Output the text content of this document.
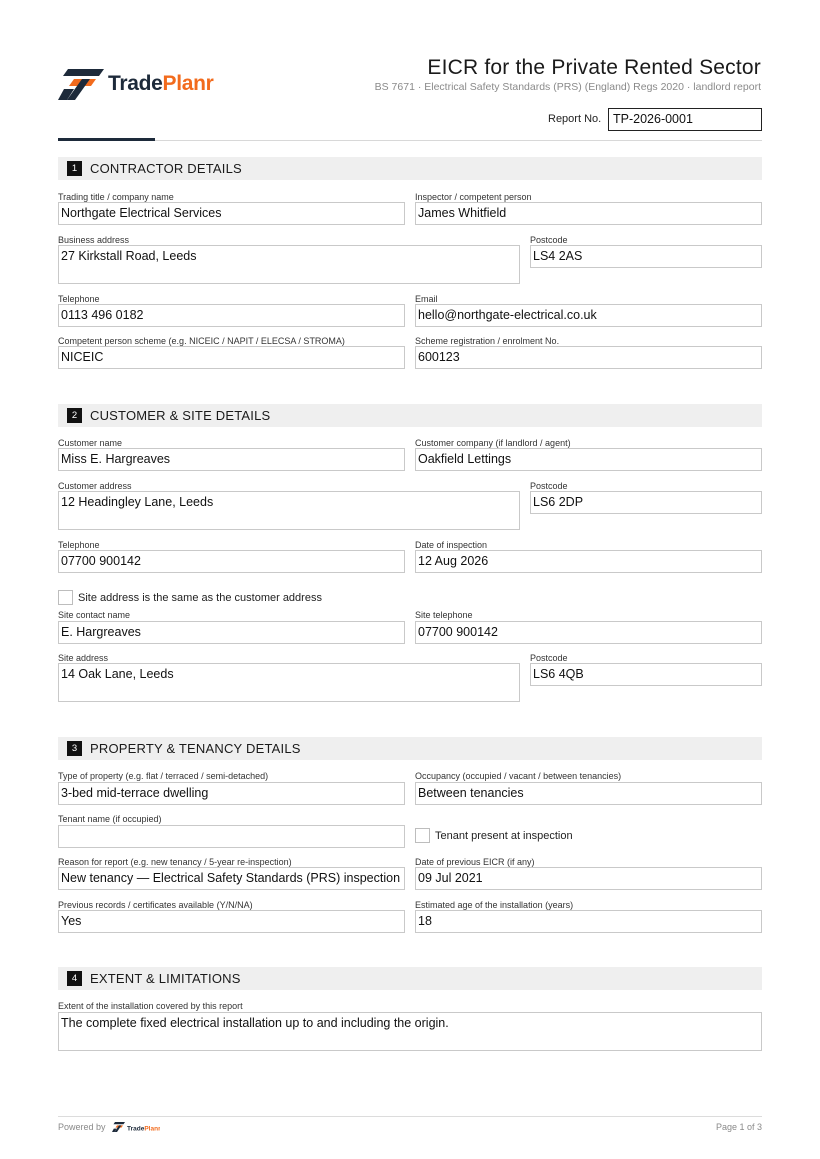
TradePlanr
EICR for the Private Rented Sector
BS 7671 · Electrical Safety Standards (PRS) (England) Regs 2020 · landlord report
Report No. TP-2026-0001
1 CONTRACTOR DETAILS
Trading title / company name
Northgate Electrical Services
Inspector / competent person
James Whitfield
Business address
27 Kirkstall Road, Leeds
Postcode
LS4 2AS
Telephone
0113 496 0182
Email
hello@northgate-electrical.co.uk
Competent person scheme (e.g. NICEIC / NAPIT / ELECSA / STROMA)
NICEIC
Scheme registration / enrolment No.
600123
2 CUSTOMER & SITE DETAILS
Customer name
Miss E. Hargreaves
Customer company (if landlord / agent)
Oakfield Lettings
Customer address
12 Headingley Lane, Leeds
Postcode
LS6 2DP
Telephone
07700 900142
Date of inspection
12 Aug 2026
Site address is the same as the customer address
Site contact name
E. Hargreaves
Site telephone
07700 900142
Site address
14 Oak Lane, Leeds
Postcode
LS6 4QB
3 PROPERTY & TENANCY DETAILS
Type of property (e.g. flat / terraced / semi-detached)
3-bed mid-terrace dwelling
Occupancy (occupied / vacant / between tenancies)
Between tenancies
Tenant name (if occupied)
Tenant present at inspection
Reason for report (e.g. new tenancy / 5-year re-inspection)
New tenancy — Electrical Safety Standards (PRS) inspection
Date of previous EICR (if any)
09 Jul 2021
Previous records / certificates available (Y/N/NA)
Yes
Estimated age of the installation (years)
18
4 EXTENT & LIMITATIONS
Extent of the installation covered by this report
The complete fixed electrical installation up to and including the origin.
Powered by	TradePlanr	Page 1 of 3
